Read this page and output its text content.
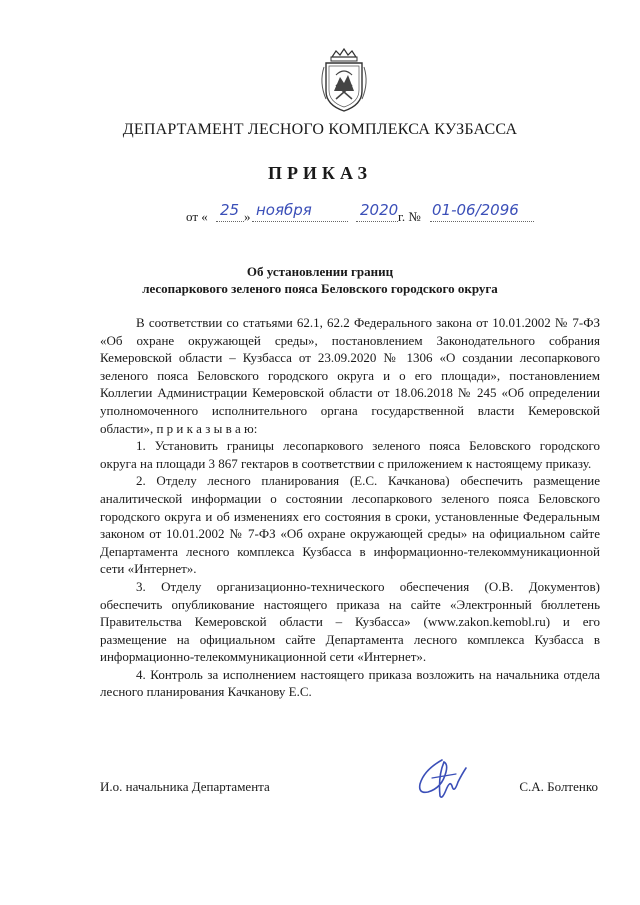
ДЕПАРТАМЕНТ ЛЕСНОГО КОМПЛЕКСА КУЗБАССА
ПРИКАЗ
от « 25 » ноября	2020 г. № 01-06/2096
Об установлении границ
лесопаркового зеленого пояса Беловского городского округа

В соответствии со статьями 62.1, 62.2 Федерального закона от 10.01.2002 № 7-ФЗ «Об охране окружающей среды», постановлением Законодательного собрания Кемеровской области – Кузбасса от 23.09.2020 № 1306 «О создании лесопаркового зеленого пояса Беловского городского округа и о его площади», постановлением Коллегии Администрации Кемеровской области от 18.06.2018 № 245 «Об определении уполномоченного исполнительного органа государственной власти Кемеровской области», п р и к а з ы в а ю:

1. Установить границы лесопаркового зеленого пояса Беловского городского округа на площади 3 867 гектаров в соответствии с приложением к настоящему приказу.

2. Отделу лесного планирования (Е.С. Качканова) обеспечить размещение аналитической информации о состоянии лесопаркового зеленого пояса Беловского городского округа и об изменениях его состояния в сроки, установленные Федеральным законом от 10.01.2002 № 7-ФЗ «Об охране окружающей среды» на официальном сайте Департамента лесного комплекса Кузбасса в информационно-телекоммуникационной сети «Интернет».

3. Отделу организационно-технического обеспечения (О.В. Документов) обеспечить опубликование настоящего приказа на сайте «Электронный бюллетень Правительства Кемеровской области – Кузбасса» (www.zakon.kemobl.ru) и его размещение на официальном сайте Департамента лесного комплекса Кузбасса в информационно-телекоммуникационной сети «Интернет».

4. Контроль за исполнением настоящего приказа возложить на начальника отдела лесного планирования Качканову Е.С.

И.о. начальника Департамента	С.А. Болтенко
